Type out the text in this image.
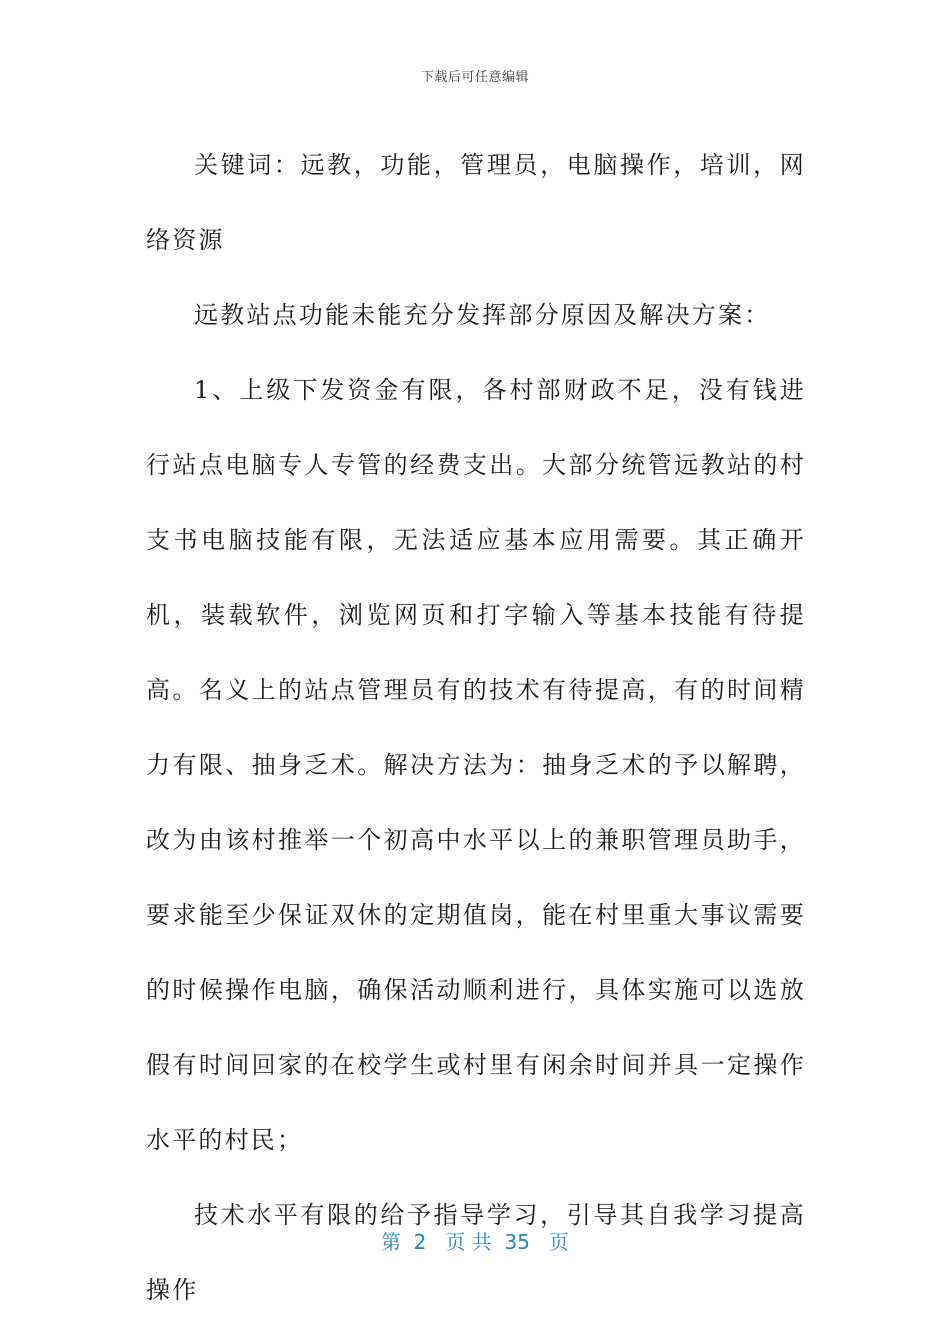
下载后可任意编辑

关键词：远教，功能，管理员，电脑操作，培训，网络资源

远教站点功能未能充分发挥部分原因及解决方案：

1、上级下发资金有限，各村部财政不足，没有钱进行站点电脑专人专管的经费支出。大部分统管远教站的村支书电脑技能有限，无法适应基本应用需要。其正确开机，装载软件，浏览网页和打字输入等基本技能有待提高。名义上的站点管理员有的技术有待提高，有的时间精力有限、抽身乏术。解决方法为：抽身乏术的予以解聘，改为由该村推举一个初高中水平以上的兼职管理员助手，要求能至少保证双休的定期值岗，能在村里重大事议需要的时候操作电脑，确保活动顺利进行，具体实施可以选放假有时间回家的在校学生或村里有闲余时间并具一定操作水平的村民；

技术水平有限的给予指导学习，引导其自我学习提高操作

第  2   页 共  35   页
